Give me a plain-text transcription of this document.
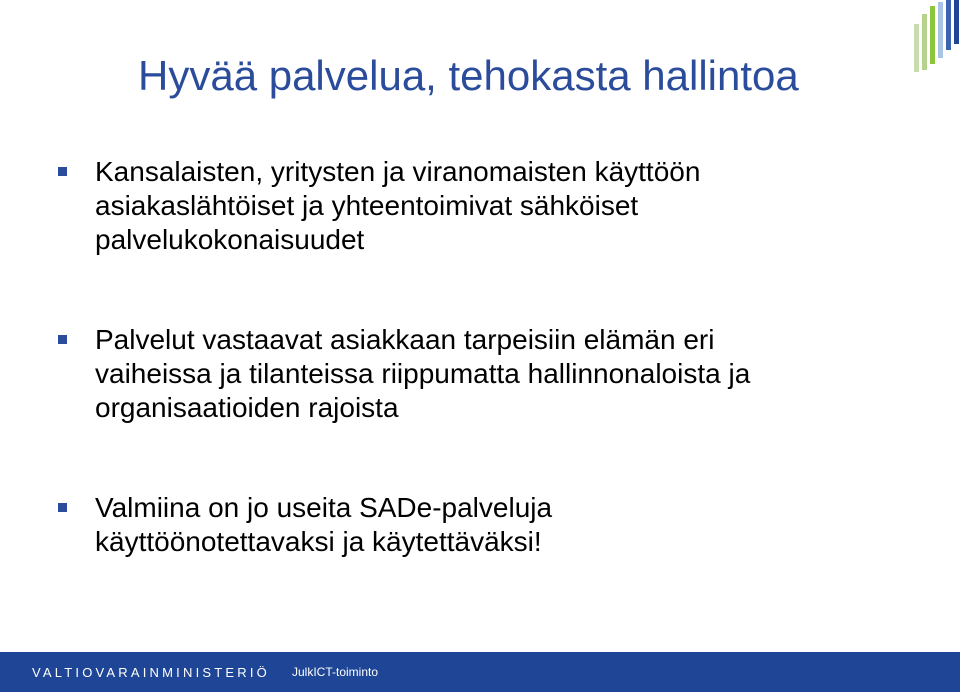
Hyvää palvelua, tehokasta hallintoa
Kansalaisten, yritysten ja viranomaisten käyttöön
asiakaslähtöiset ja yhteentoimivat sähköiset
palvelukokonaisuudet
Palvelut vastaavat asiakkaan tarpeisiin elämän eri
vaiheissa ja tilanteissa riippumatta hallinnonaloista ja
organisaatioiden rajoista
Valmiina on jo useita SADe-palveluja
käyttöönotettavaksi ja käytettäväksi!
VALTIOVARAINMINISTERIÖ JulkICT-toiminto
